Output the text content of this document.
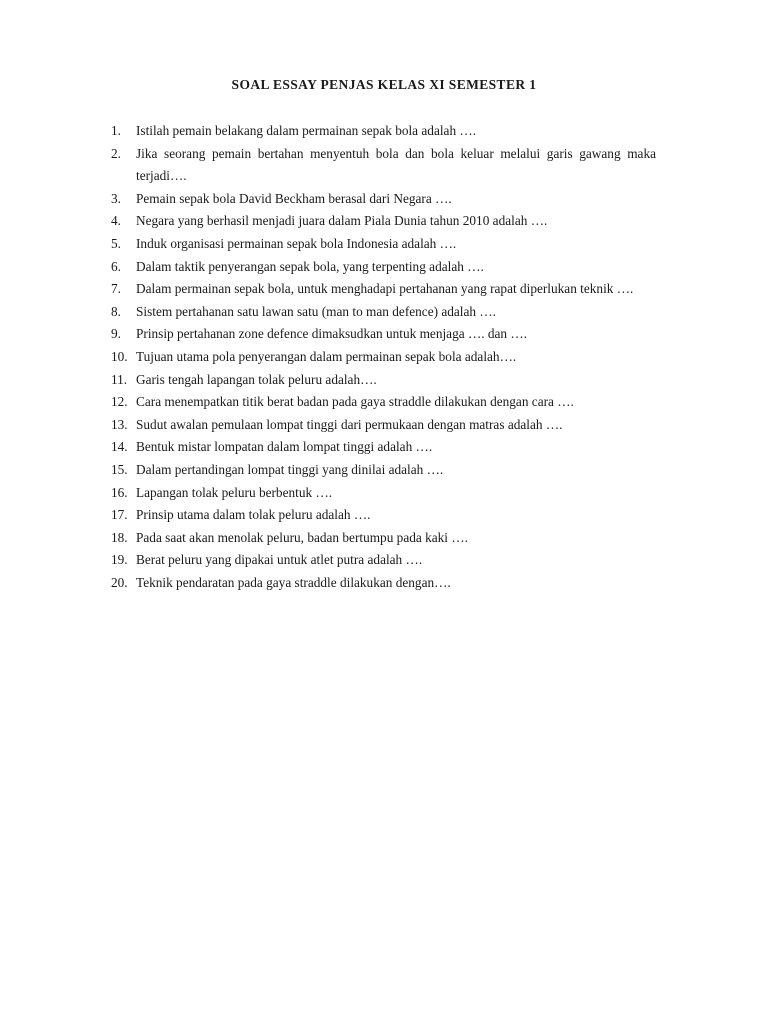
SOAL ESSAY PENJAS KELAS XI SEMESTER 1
1.	Istilah pemain belakang dalam permainan sepak bola adalah ….
2.	Jika seorang pemain bertahan menyentuh bola dan bola keluar melalui garis gawang maka terjadi….
3.	Pemain sepak bola David Beckham berasal dari Negara ….
4.	Negara yang berhasil menjadi juara dalam Piala Dunia tahun 2010 adalah ….
5.	Induk organisasi permainan sepak bola Indonesia adalah ….
6.	Dalam taktik penyerangan sepak bola, yang terpenting adalah ….
7.	Dalam permainan sepak bola, untuk menghadapi pertahanan yang rapat diperlukan teknik ….
8.	Sistem pertahanan satu lawan satu (man to man defence) adalah ….
9.	Prinsip pertahanan zone defence dimaksudkan untuk menjaga …. dan ….
10. Tujuan utama pola penyerangan dalam permainan sepak bola adalah….
11. Garis tengah lapangan tolak peluru adalah….
12. Cara menempatkan titik berat badan pada gaya straddle dilakukan dengan cara ….
13. Sudut awalan pemulaan lompat tinggi dari permukaan dengan matras adalah ….
14. Bentuk mistar lompatan dalam lompat tinggi adalah ….
15. Dalam pertandingan lompat tinggi yang dinilai adalah ….
16. Lapangan tolak peluru berbentuk ….
17. Prinsip utama dalam tolak peluru adalah ….
18. Pada saat akan menolak peluru, badan bertumpu pada kaki ….
19. Berat peluru yang dipakai untuk atlet putra adalah ….
20. Teknik pendaratan pada gaya straddle dilakukan dengan….
